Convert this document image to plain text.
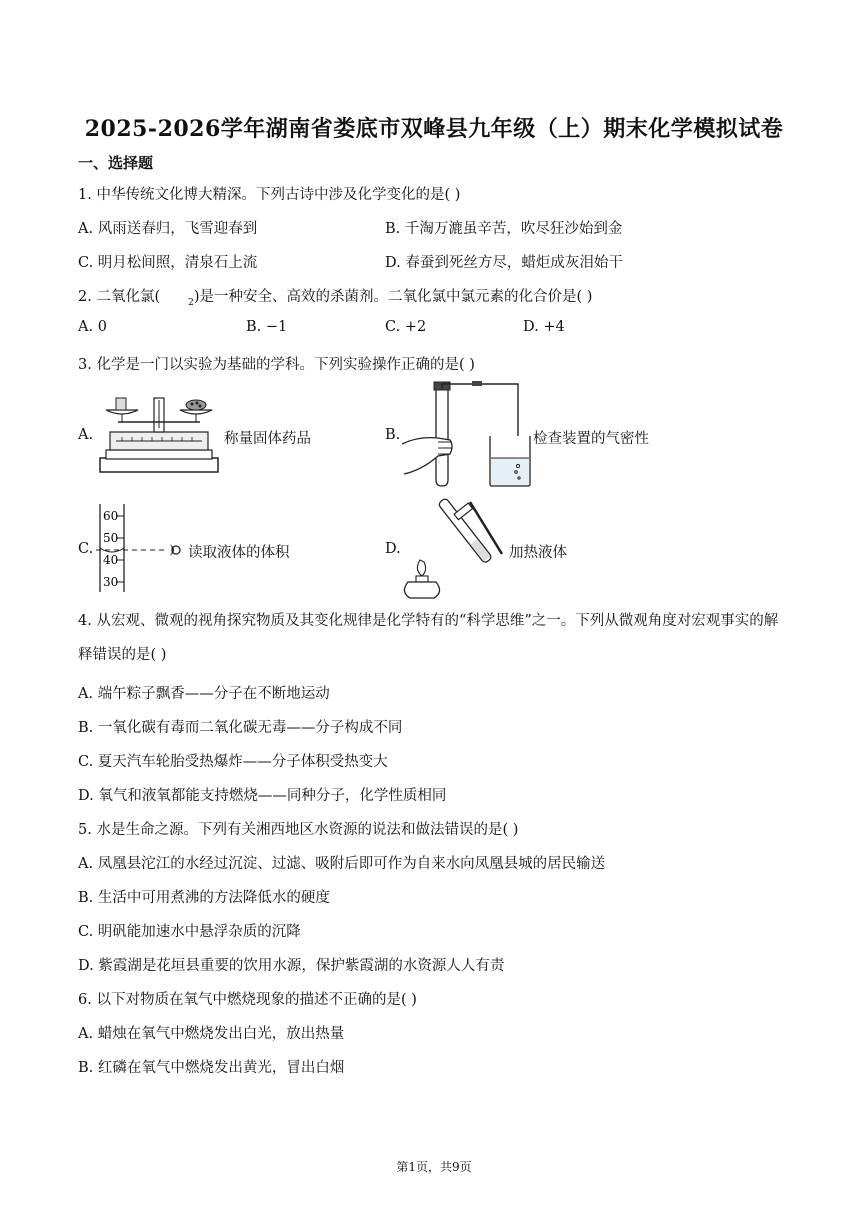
2025-2026学年湖南省娄底市双峰县九年级（上）期末化学模拟试卷
一、选择题
1. 中华传统文化博大精深。下列古诗中涉及化学变化的是( )
A. 风雨送春归，飞雪迎春到	B. 千淘万漉虽辛苦，吹尽狂沙始到金
C. 明月松间照，清泉石上流	D. 春蚕到死丝方尽，蜡炬成灰泪始干
2. 二氧化氯(	$_2$)是一种安全、高效的杀菌剂。二氧化氯中氯元素的化合价是( )
A. 0	B. −1	C. +2	D. +4
3. 化学是一门以实验为基础的学科。下列实验操作正确的是( )
A.	称量固体药品	B.	检查装置的气密性
C.
60
50
40
30
读取液体的体积	D.	加热液体
4. 从宏观、微观的视角探究物质及其变化规律是化学特有的“科学思维”之一。下列从微观角度对宏观事实的解释错误的是( )
A. 端午粽子飘香——分子在不断地运动
B. 一氧化碳有毒而二氧化碳无毒——分子构成不同
C. 夏天汽车轮胎受热爆炸——分子体积受热变大
D. 氧气和液氧都能支持燃烧——同种分子，化学性质相同
5. 水是生命之源。下列有关湘西地区水资源的说法和做法错误的是( )
A. 凤凰县沱江的水经过沉淀、过滤、吸附后即可作为自来水向凤凰县城的居民输送
B. 生活中可用煮沸的方法降低水的硬度
C. 明矾能加速水中悬浮杂质的沉降
D. 紫霞湖是花垣县重要的饮用水源，保护紫霞湖的水资源人人有责
6. 以下对物质在氧气中燃烧现象的描述不正确的是( )
A. 蜡烛在氧气中燃烧发出白光，放出热量
B. 红磷在氧气中燃烧发出黄光，冒出白烟
第1页，共9页
